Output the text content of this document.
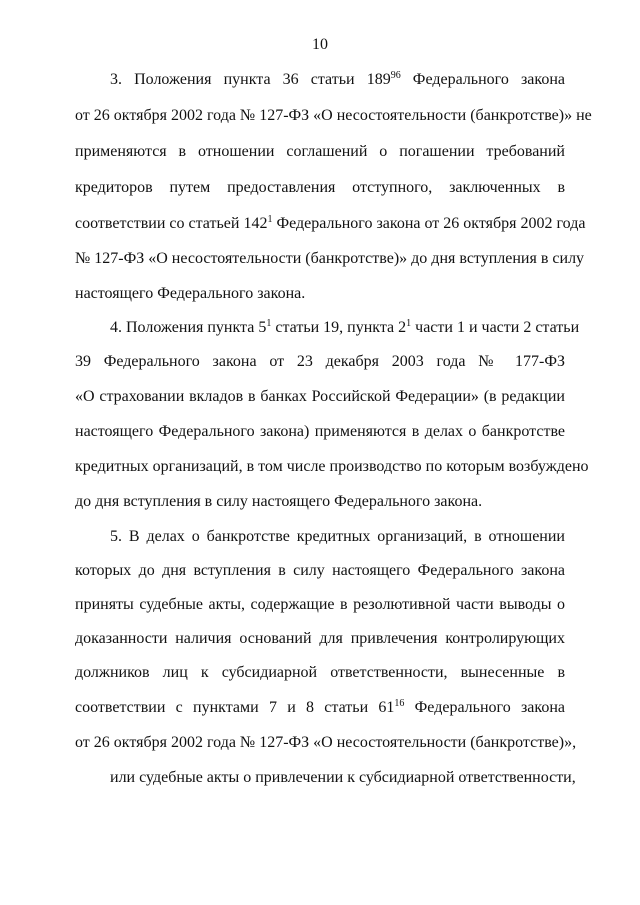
10
3. Положения пункта 36 статьи $189^{96}$ Федерального закона
от 26 октября 2002 года № 127-ФЗ «О несостоятельности (банкротстве)» не
применяются в отношении соглашений о погашении требований
кредиторов путем предоставления отступного, заключенных в
соответствии со статьей $142^1$ Федерального закона от 26 октября 2002 года
№ 127-ФЗ «О несостоятельности (банкротстве)» до дня вступления в силу
настоящего Федерального закона.
4. Положения пункта $5^1$ статьи 19, пункта $2^1$ части 1 и части 2 статьи
39 Федерального закона от 23 декабря 2003 года № 177-ФЗ
«О страховании вкладов в банках Российской Федерации» (в редакции
настоящего Федерального закона) применяются в делах о банкротстве
кредитных организаций, в том числе производство по которым возбуждено
до дня вступления в силу настоящего Федерального закона.
5. В делах о банкротстве кредитных организаций, в отношении
которых до дня вступления в силу настоящего Федерального закона
приняты судебные акты, содержащие в резолютивной части выводы о
доказанности наличия оснований для привлечения контролирующих
должников лиц к субсидиарной ответственности, вынесенные в
соответствии с пунктами 7 и 8 статьи $61^{16}$ Федерального закона
от 26 октября 2002 года № 127-ФЗ «О несостоятельности (банкротстве)»,
или судебные акты о привлечении к субсидиарной ответственности,
